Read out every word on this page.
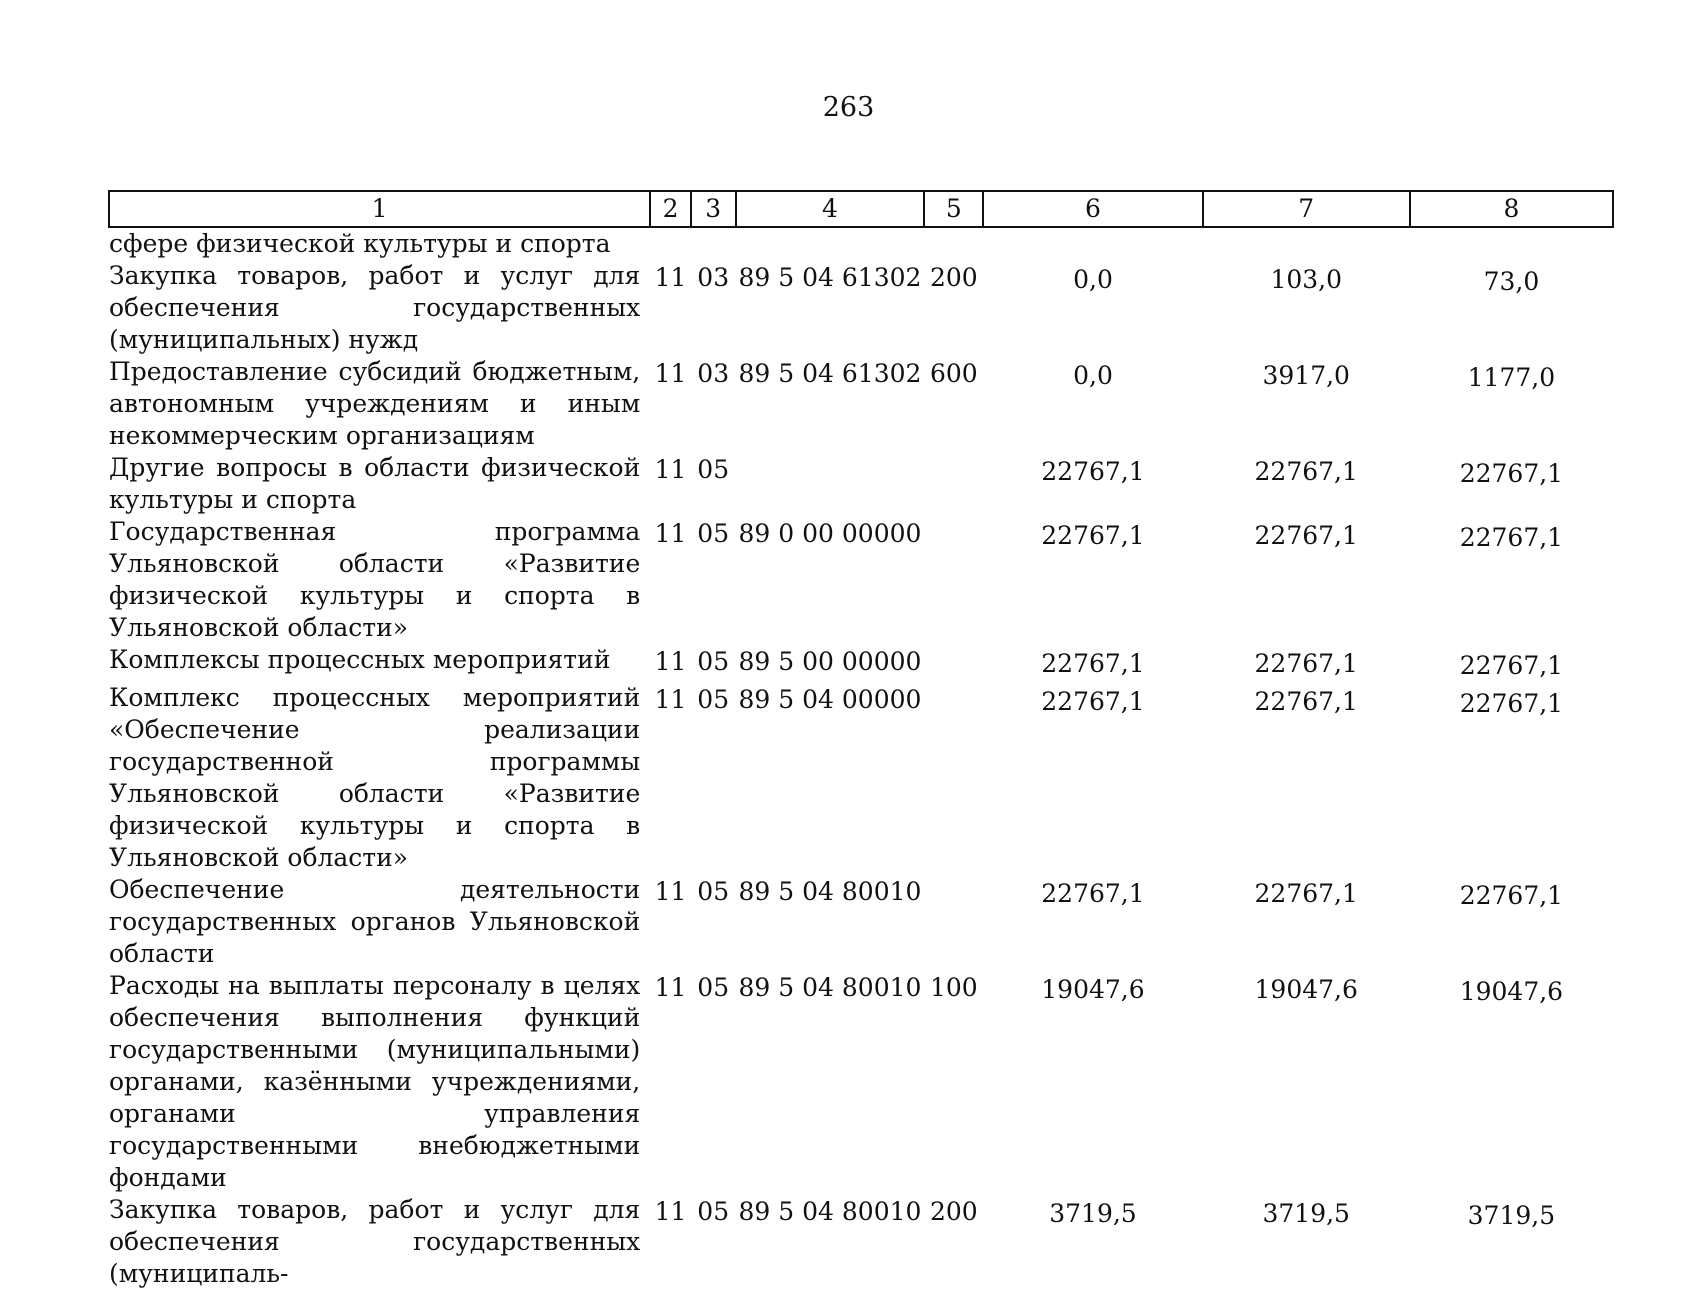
263
1	2	3	4	5	6	7	8
сфере физической культуры и спорта							
Закупка товаров, работ и услуг для обеспечения государственных (муниципальных) нужд	11	03	89 5 04 61302	200	0,0	103,0	73,0
Предоставление субсидий бюджетным, автономным учреждениям и иным некоммерческим организациям	11	03	89 5 04 61302	600	0,0	3917,0	1177,0
Другие вопросы в области физической культуры и спорта	11	05			22767,1	22767,1	22767,1
Государственная программа Ульяновской области «Развитие физической культуры и спорта в Ульяновской области»	11	05	89 0 00 00000		22767,1	22767,1	22767,1
Комплексы процессных мероприятий	11	05	89 5 00 00000		22767,1	22767,1	22767,1
Комплекс процессных мероприятий «Обеспечение реализации государственной программы Ульяновской области «Развитие физической культуры и спорта в Ульяновской области»	11	05	89 5 04 00000		22767,1	22767,1	22767,1
Обеспечение деятельности государственных органов Ульяновской области	11	05	89 5 04 80010		22767,1	22767,1	22767,1
Расходы на выплаты персоналу в целях обеспечения выполнения функций государственными (муниципальными) органами, казёнными учреждениями, органами управления государственными внебюджетными фондами	11	05	89 5 04 80010	100	19047,6	19047,6	19047,6
Закупка товаров, работ и услуг для обеспечения государственных (муниципаль-	11	05	89 5 04 80010	200	3719,5	3719,5	3719,5
